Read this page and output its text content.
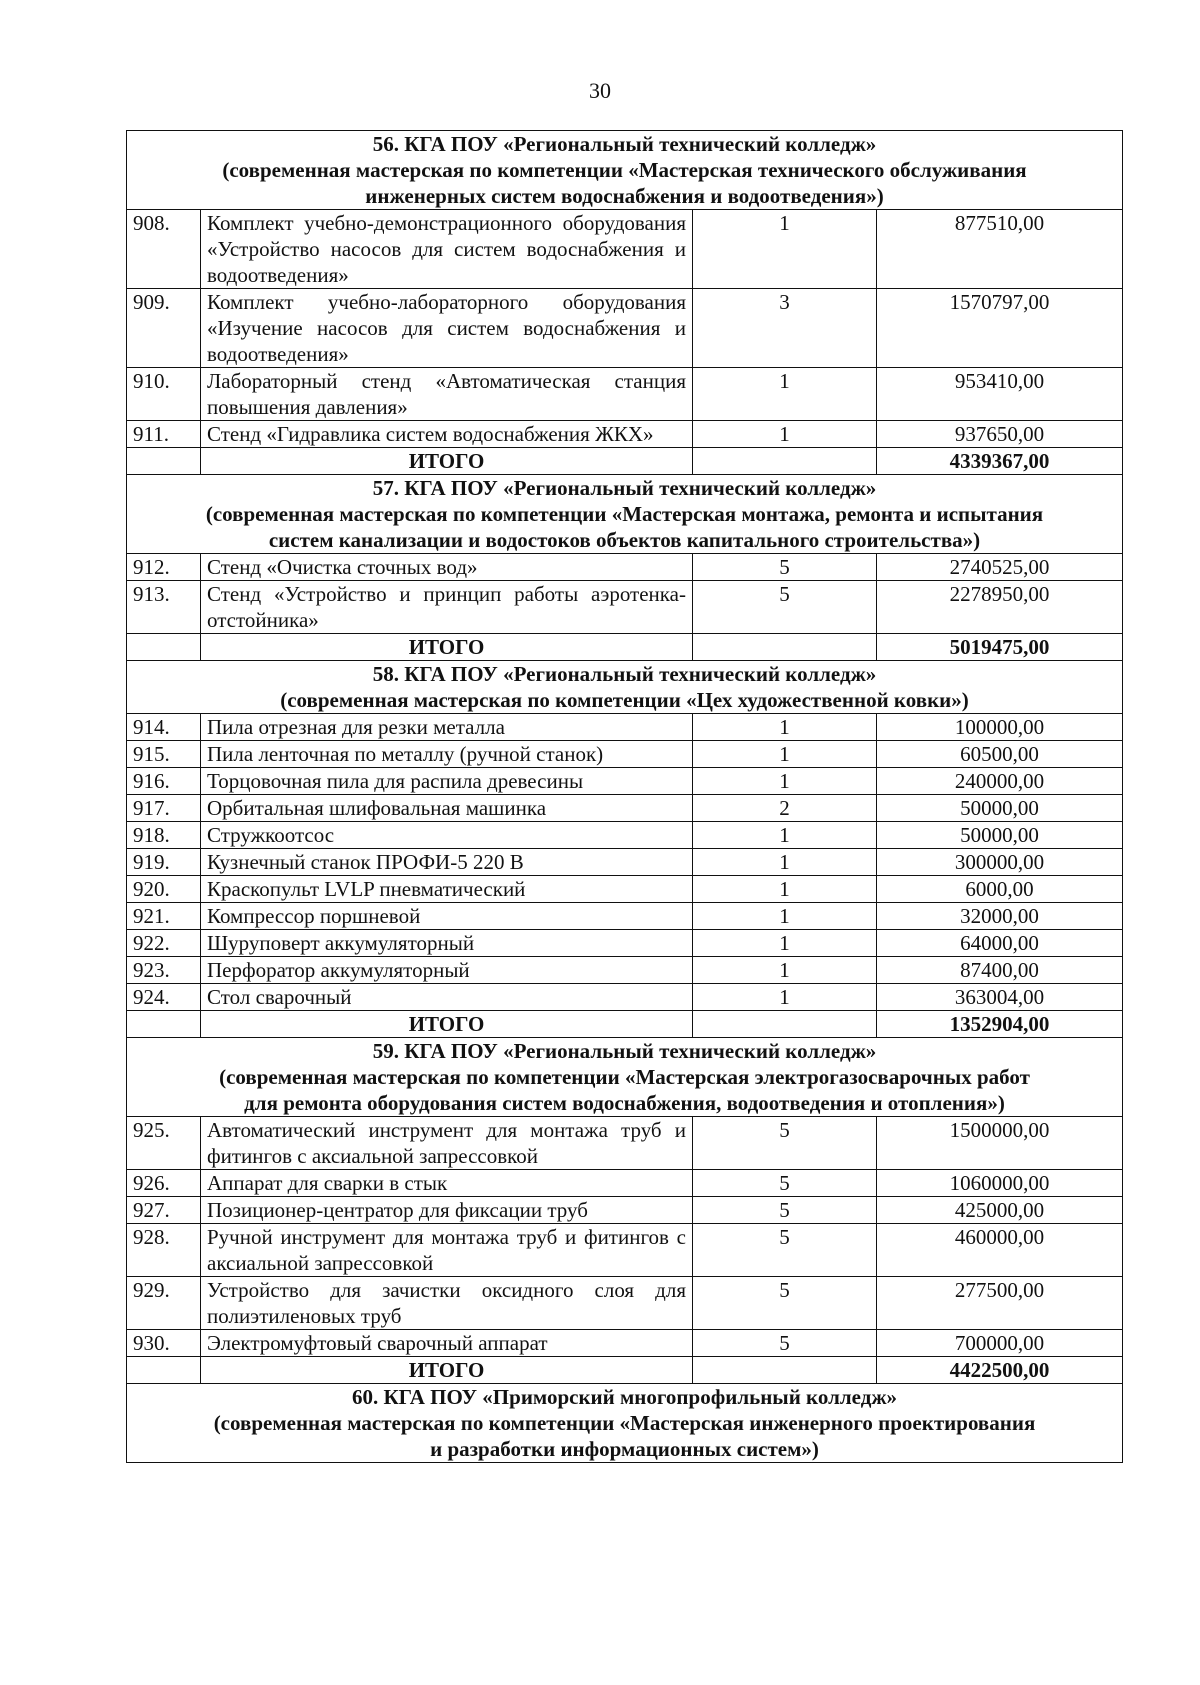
30
56. КГА ПОУ «Региональный технический колледж»
(современная мастерская по компетенции «Мастерская технического обслуживания
инженерных систем водоснабжения и водоотведения»)			

908.	Комплект учебно-демонстрационного оборудования «Устройство насосов для систем водоснабжения и водоотведения»	1	877510,00
909.	Комплект учебно-лабораторного оборудования «Изучение насосов для систем водоснабжения и водоотведения»	3	1570797,00
910.	Лабораторный стенд «Автоматическая станция повышения давления»	1	953410,00
911.	Стенд «Гидравлика систем водоснабжения ЖКХ»	1	937650,00
	ИТОГО		4339367,00

57. КГА ПОУ «Региональный технический колледж»
(современная мастерская по компетенции «Мастерская монтажа, ремонта и испытания
систем канализации и водостоков объектов капитального строительства»)			

912.	Стенд «Очистка сточных вод»	5	2740525,00
913.	Стенд «Устройство и принцип работы аэротенка-отстойника»	5	2278950,00
	ИТОГО		5019475,00

58. КГА ПОУ «Региональный технический колледж»
(современная мастерская по компетенции «Цех художественной ковки»)			

914.	Пила отрезная для резки металла	1	100000,00
915.	Пила ленточная по металлу (ручной станок)	1	60500,00
916.	Торцовочная пила для распила древесины	1	240000,00
917.	Орбитальная шлифовальная машинка	2	50000,00
918.	Стружкоотсос	1	50000,00
919.	Кузнечный станок ПРОФИ-5 220 В	1	300000,00
920.	Краскопульт LVLP пневматический	1	6000,00
921.	Компрессор поршневой	1	32000,00
922.	Шуруповерт аккумуляторный	1	64000,00
923.	Перфоратор аккумуляторный	1	87400,00
924.	Стол сварочный	1	363004,00
	ИТОГО		1352904,00

59. КГА ПОУ «Региональный технический колледж»
(современная мастерская по компетенции «Мастерская электрогазосварочных работ
для ремонта оборудования систем водоснабжения, водоотведения и отопления»)			

925.	Автоматический инструмент для монтажа труб и фитингов с аксиальной запрессовкой	5	1500000,00
926.	Аппарат для сварки в стык	5	1060000,00
927.	Позиционер-центратор для фиксации труб	5	425000,00
928.	Ручной инструмент для монтажа труб и фитингов с аксиальной запрессовкой	5	460000,00
929.	Устройство для зачистки оксидного слоя для полиэтиленовых труб	5	277500,00
930.	Электромуфтовый сварочный аппарат	5	700000,00
	ИТОГО		4422500,00

60. КГА ПОУ «Приморский многопрофильный колледж»
(современная мастерская по компетенции «Мастерская инженерного проектирования
и разработки информационных систем»)			
